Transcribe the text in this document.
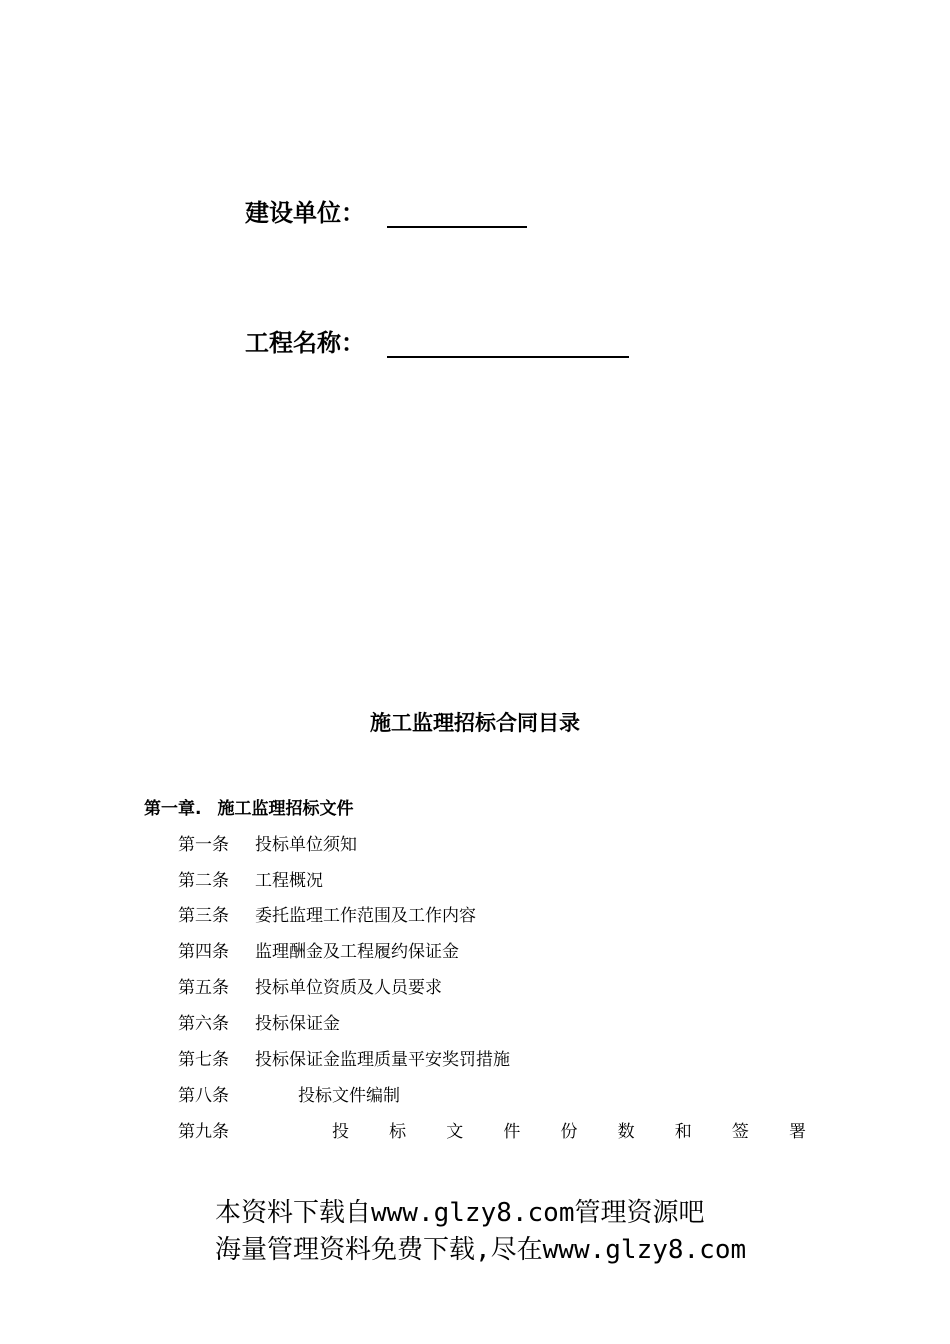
建设单位：
工程名称：
施工监理招标合同目录
第一章. 施工监理招标文件
第一条 投标单位须知
第二条 工程概况
第三条 委托监理工作范围及工作内容
第四条 监理酬金及工程履约保证金
第五条 投标单位资质及人员要求
第六条 投标保证金
第七条 投标保证金监理质量平安奖罚措施
第八条	投标文件编制
第九条	投 标 文 件 份 数 和 签 署
本资料下载自www.glzy8.com管理资源吧
海量管理资料免费下载,尽在www.glzy8.com
